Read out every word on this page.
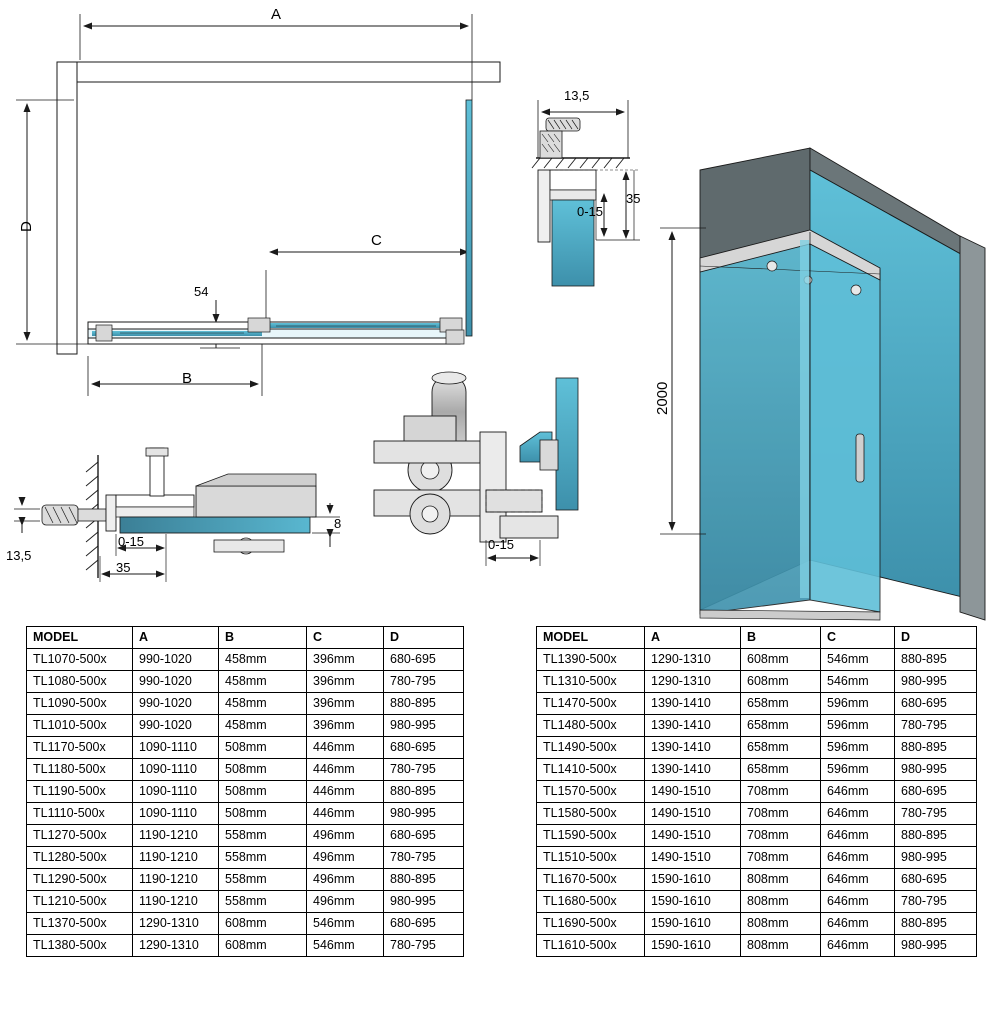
A
B
C
D
54
13,5
0-15
35
13,5
0-15
35
8
0-15
2000
MODEL	A	B	C	D
TL1070-500x	990-1020	458mm	396mm	680-695
TL1080-500x	990-1020	458mm	396mm	780-795
TL1090-500x	990-1020	458mm	396mm	880-895
TL1010-500x	990-1020	458mm	396mm	980-995
TL1170-500x	1090-1110	508mm	446mm	680-695
TL1180-500x	1090-1110	508mm	446mm	780-795
TL1190-500x	1090-1110	508mm	446mm	880-895
TL1110-500x	1090-1110	508mm	446mm	980-995
TL1270-500x	1190-1210	558mm	496mm	680-695
TL1280-500x	1190-1210	558mm	496mm	780-795
TL1290-500x	1190-1210	558mm	496mm	880-895
TL1210-500x	1190-1210	558mm	496mm	980-995
TL1370-500x	1290-1310	608mm	546mm	680-695
TL1380-500x	1290-1310	608mm	546mm	780-795
MODEL	A	B	C	D
TL1390-500x	1290-1310	608mm	546mm	880-895
TL1310-500x	1290-1310	608mm	546mm	980-995
TL1470-500x	1390-1410	658mm	596mm	680-695
TL1480-500x	1390-1410	658mm	596mm	780-795
TL1490-500x	1390-1410	658mm	596mm	880-895
TL1410-500x	1390-1410	658mm	596mm	980-995
TL1570-500x	1490-1510	708mm	646mm	680-695
TL1580-500x	1490-1510	708mm	646mm	780-795
TL1590-500x	1490-1510	708mm	646mm	880-895
TL1510-500x	1490-1510	708mm	646mm	980-995
TL1670-500x	1590-1610	808mm	646mm	680-695
TL1680-500x	1590-1610	808mm	646mm	780-795
TL1690-500x	1590-1610	808mm	646mm	880-895
TL1610-500x	1590-1610	808mm	646mm	980-995
